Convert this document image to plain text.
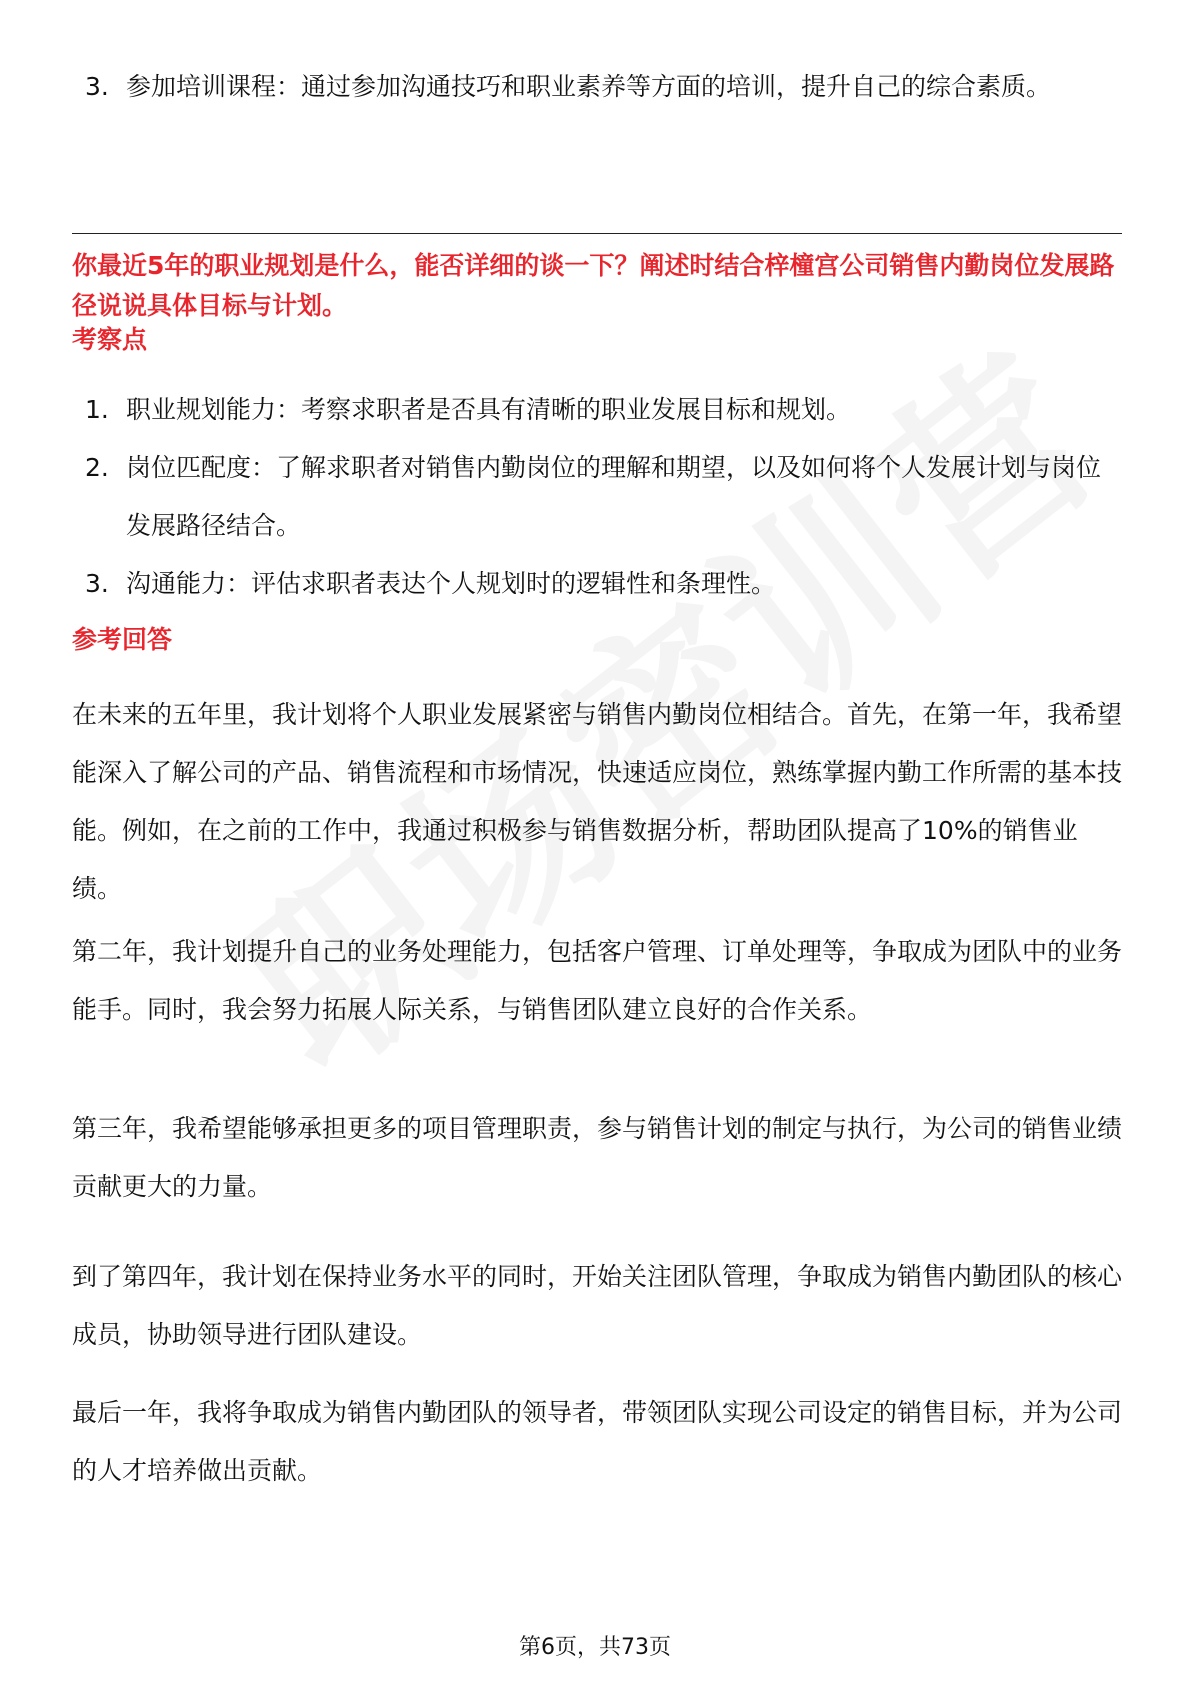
3. 参加培训课程：通过参加沟通技巧和职业素养等方面的培训，提升自己的综合素质。
你最近5年的职业规划是什么，能否详细的谈一下？阐述时结合梓橦宫公司销售内勤岗位发展路径说说具体目标与计划。
考察点
1. 职业规划能力：考察求职者是否具有清晰的职业发展目标和规划。
2. 岗位匹配度：了解求职者对销售内勤岗位的理解和期望，以及如何将个人发展计划与岗位发展路径结合。
3. 沟通能力：评估求职者表达个人规划时的逻辑性和条理性。
参考回答
在未来的五年里，我计划将个人职业发展紧密与销售内勤岗位相结合。首先，在第一年，我希望能深入了解公司的产品、销售流程和市场情况，快速适应岗位，熟练掌握内勤工作所需的基本技能。例如，在之前的工作中，我通过积极参与销售数据分析，帮助团队提高了10%的销售业绩。
第二年，我计划提升自己的业务处理能力，包括客户管理、订单处理等，争取成为团队中的业务能手。同时，我会努力拓展人际关系，与销售团队建立良好的合作关系。
第三年，我希望能够承担更多的项目管理职责，参与销售计划的制定与执行，为公司的销售业绩贡献更大的力量。
到了第四年，我计划在保持业务水平的同时，开始关注团队管理，争取成为销售内勤团队的核心成员，协助领导进行团队建设。
最后一年，我将争取成为销售内勤团队的领导者，带领团队实现公司设定的销售目标，并为公司的人才培养做出贡献。
第6页，共73页
